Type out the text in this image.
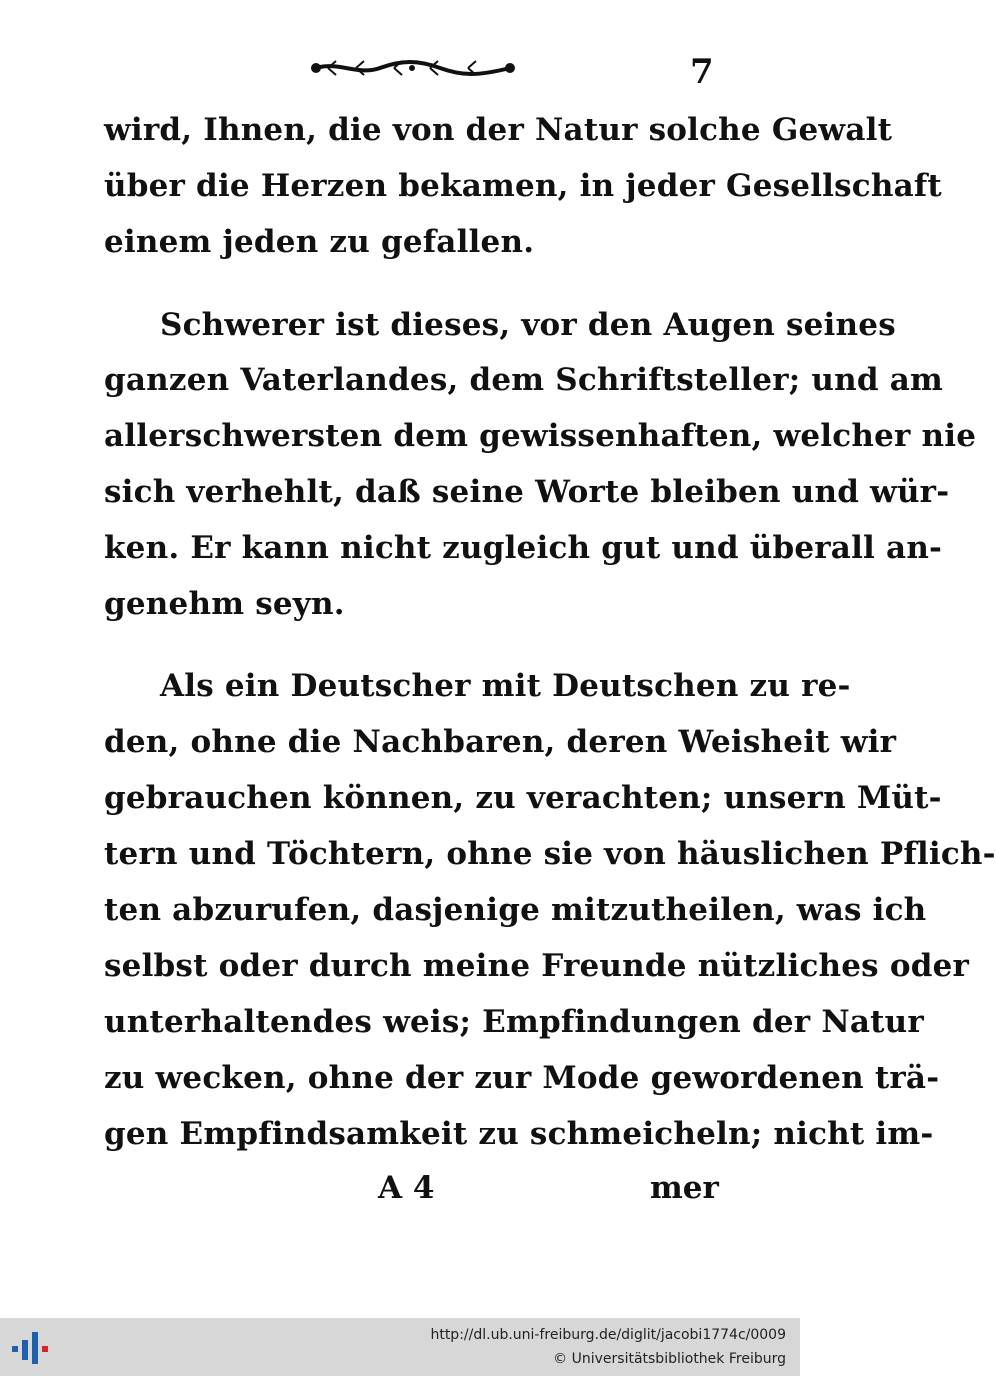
7
wird, Ihnen, die von der Natur solche Gewalt
über die Herzen bekamen, in jeder Gesellschaft
einem jeden zu gefallen.
Schwerer ist dieses, vor den Augen seines
ganzen Vaterlandes, dem Schriftsteller; und am
allerschwersten dem gewissenhaften, welcher nie
sich verhehlt, daß seine Worte bleiben und wür-
ken. Er kann nicht zugleich gut und überall an-
genehm seyn.
Als ein Deutscher mit Deutschen zu re-
den, ohne die Nachbaren, deren Weisheit wir
gebrauchen können, zu verachten; unsern Müt-
tern und Töchtern, ohne sie von häuslichen Pflich-
ten abzurufen, dasjenige mitzutheilen, was ich
selbst oder durch meine Freunde nützliches oder
unterhaltendes weis; Empfindungen der Natur
zu wecken, ohne der zur Mode gewordenen trä-
gen Empfindsamkeit zu schmeicheln; nicht im-
A 4	mer
http://dl.ub.uni-freiburg.de/diglit/jacobi1774c/0009
© Universitätsbibliothek Freiburg
